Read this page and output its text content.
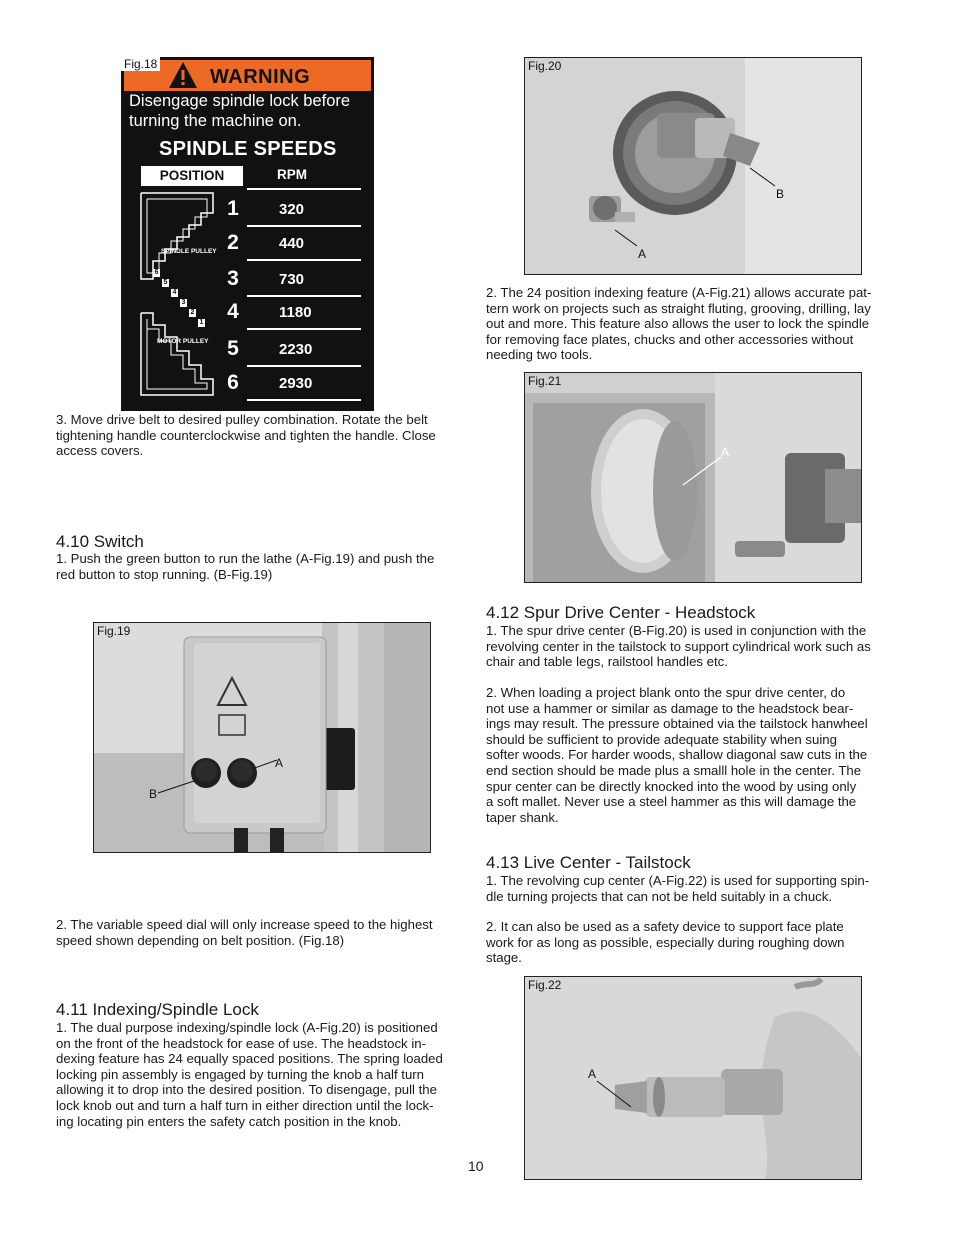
Fig.18
WARNING
Disengage spindle lock before
turning the machine on.
SPINDLE SPEEDS
POSITION	RPM
SPINDLE PULLEY
MOTOR PULLEY
6
5
4
3
2
1
1	320
2	440
3	730
4	1180
5	2230
6	2930
3. Move drive belt to desired pulley combination. Rotate the belt
tightening handle counterclockwise and tighten the handle. Close
access covers.
4.10 Switch
1. Push the green button to run the lathe (A-Fig.19) and push the
red button to stop running. (B-Fig.19)
Fig.19
A
B
2. The variable speed dial will only increase speed to the highest
speed shown depending on belt position. (Fig.18)
4.11 Indexing/Spindle Lock
1. The dual purpose indexing/spindle lock (A-Fig.20) is positioned
on the front of the headstock for ease of use. The headstock in-
dexing feature has 24 equally spaced positions. The spring loaded
locking pin assembly is engaged by turning the knob a half turn
allowing it to drop into the desired position. To disengage, pull the
lock knob out and turn a half turn in either direction until the lock-
ing locating pin enters the safety catch position in the knob.
Fig.20
B
A
2. The 24 position indexing feature (A-Fig.21) allows accurate pat-
tern work on projects such as straight fluting, grooving, drilling, lay
out and more. This feature also allows the user to lock the spindle
for removing face plates, chucks and other accessories without
needing two tools.
Fig.21
A
4.12 Spur Drive Center - Headstock
1. The spur drive center (B-Fig.20) is used in conjunction with the
revolving center in the tailstock to support cylindrical work such as
chair and table legs, railstool handles etc.
2. When loading a project blank onto the spur drive center, do
not use a hammer or similar as damage to the headstock bear-
ings may result. The pressure obtained via the tailstock hanwheel
should be sufficient to provide adequate stability when suing
softer woods. For harder woods, shallow diagonal saw cuts in the
end section should be made plus a smalll hole in the center. The
spur center can be directly knocked into the wood by using only
a soft mallet. Never use a steel hammer as this will damage the
taper shank.
4.13 Live Center - Tailstock
1. The revolving cup center (A-Fig.22) is used for supporting spin-
dle turning projects that can not be held suitably in a chuck.
2. It can also be used as a safety device to support face plate
work for as long as possible, especially during roughing down
stage.
Fig.22
A
10
